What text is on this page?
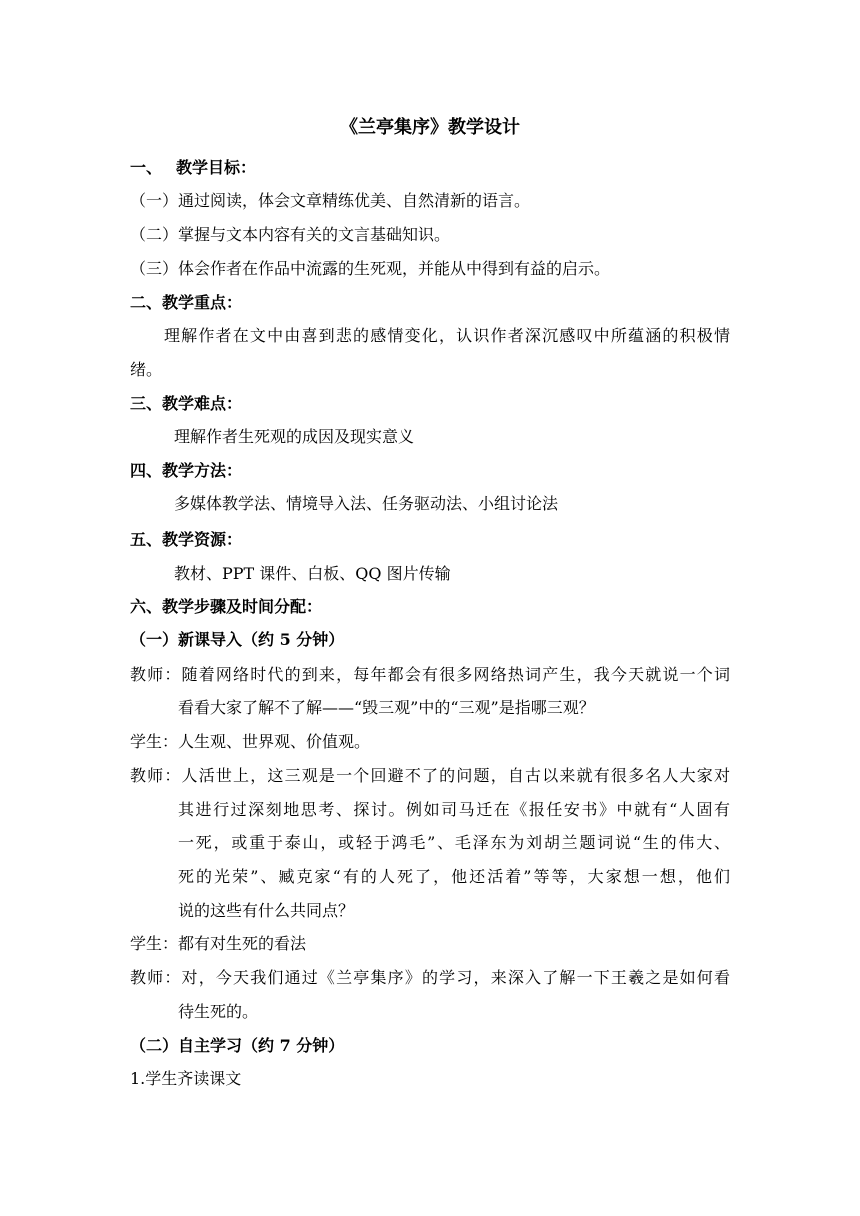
《兰亭集序》教学设计
一、 教学目标：
（一）通过阅读，体会文章精练优美、自然清新的语言。
（二）掌握与文本内容有关的文言基础知识。
（三）体会作者在作品中流露的生死观，并能从中得到有益的启示。
二、教学重点：
理解作者在文中由喜到悲的感情变化，认识作者深沉感叹中所蕴涵的积极情
绪。
三、教学难点：
理解作者生死观的成因及现实意义
四、教学方法：
多媒体教学法、情境导入法、任务驱动法、小组讨论法
五、教学资源：
教材、PPT 课件、白板、QQ 图片传输
六、教学步骤及时间分配：
（一）新课导入（约 5 分钟）
教师：随着网络时代的到来，每年都会有很多网络热词产生，我今天就说一个词
看看大家了解不了解——“毁三观”中的“三观”是指哪三观？
学生：人生观、世界观、价值观。
教师：人活世上，这三观是一个回避不了的问题，自古以来就有很多名人大家对
其进行过深刻地思考、探讨。例如司马迁在《报任安书》中就有“人固有
一死，或重于泰山，或轻于鸿毛”、毛泽东为刘胡兰题词说“生的伟大、
死的光荣”、臧克家“有的人死了，他还活着”等等，大家想一想，他们
说的这些有什么共同点？
学生：都有对生死的看法
教师：对，今天我们通过《兰亭集序》的学习，来深入了解一下王羲之是如何看
待生死的。
（二）自主学习（约 7 分钟）
1.学生齐读课文
